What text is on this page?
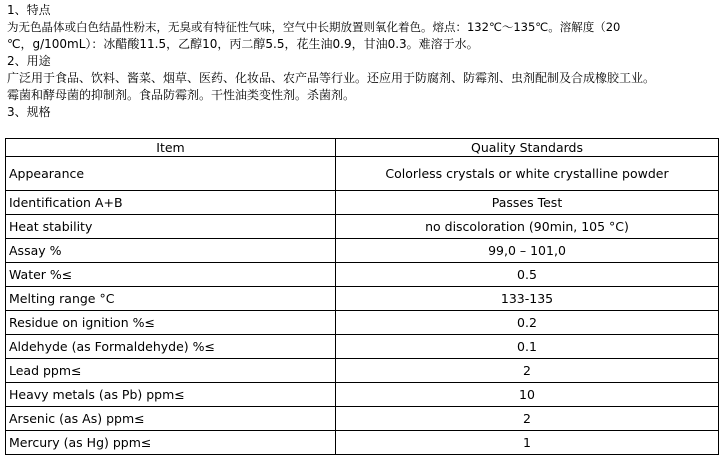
1、特点
为无色晶体或白色结晶性粉末，无臭或有特征性气味，空气中长期放置则氧化着色。熔点：132℃～135℃。溶解度（20
℃，g/100mL）：冰醋酸11.5，乙醇10，丙二醇5.5，花生油0.9，甘油0.3。难溶于水。
2、用途
广泛用于食品、饮料、酱菜、烟草、医药、化妆品、农产品等行业。还应用于防腐剂、防霉剂、虫剂配制及合成橡胶工业。
霉菌和酵母菌的抑制剂。食品防霉剂。干性油类变性剂。杀菌剂。
3、规格
Item	Quality Standards
Appearance	Colorless crystals or white crystalline powder
Identification A+B	Passes Test
Heat stability	no discoloration (90min, 105 °C)
Assay %	99,0 – 101,0
Water %≤	0.5
Melting range °C	133-135
Residue on ignition %≤	0.2
Aldehyde (as Formaldehyde) %≤	0.1
Lead ppm≤	2
Heavy metals (as Pb) ppm≤	10
Arsenic (as As) ppm≤	2
Mercury (as Hg) ppm≤	1
